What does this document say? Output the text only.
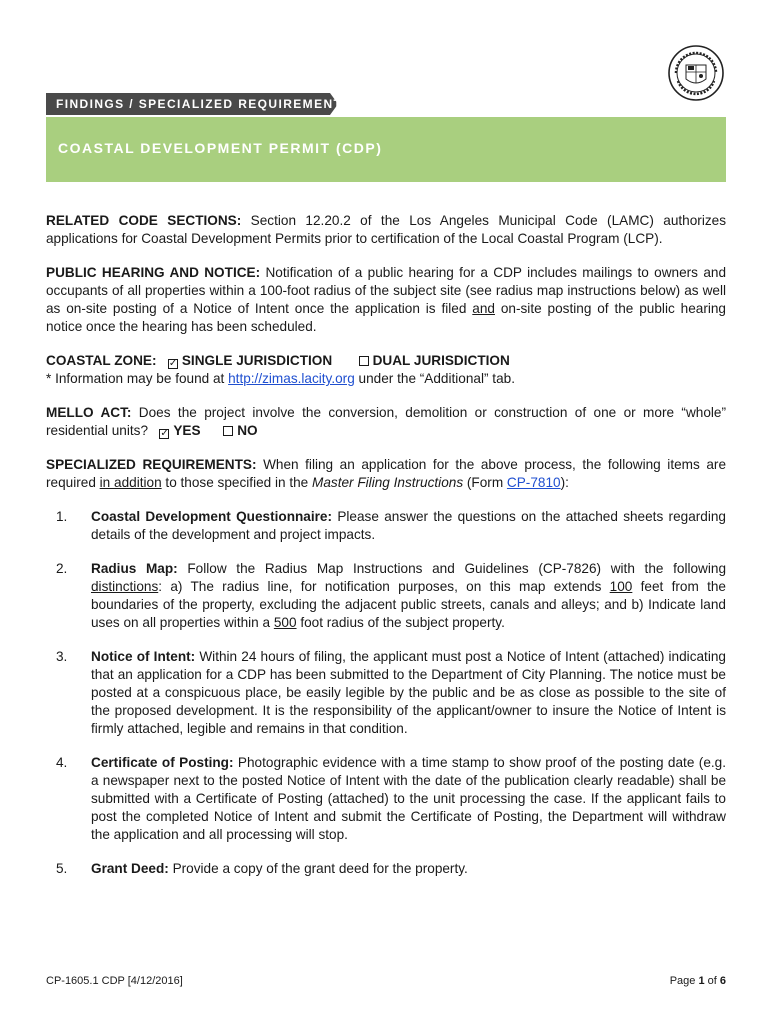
FINDINGS / SPECIALIZED REQUIREMENTS:
COASTAL DEVELOPMENT PERMIT (CDP)

RELATED CODE SECTIONS: Section 12.20.2 of the Los Angeles Municipal Code (LAMC) authorizes applications for Coastal Development Permits prior to certification of the Local Coastal Program (LCP).

PUBLIC HEARING AND NOTICE: Notification of a public hearing for a CDP includes mailings to owners and occupants of all properties within a 100-foot radius of the subject site (see radius map instructions below) as well as on-site posting of a Notice of Intent once the application is filed and on-site posting of the public hearing notice once the hearing has been scheduled.

COASTAL ZONE: ✓ SINGLE JURISDICTION	DUAL JURISDICTION

* Information may be found at http://zimas.lacity.org under the “Additional” tab.

MELLO ACT: Does the project involve the conversion, demolition or construction of one or more “whole” residential units? ✓ YES	NO

SPECIALIZED REQUIREMENTS: When filing an application for the above process, the following items are required in addition to those specified in the Master Filing Instructions (Form CP-7810):

1. Coastal Development Questionnaire: Please answer the questions on the attached sheets regarding details of the development and project impacts.
2. Radius Map: Follow the Radius Map Instructions and Guidelines (CP-7826) with the following distinctions: a) The radius line, for notification purposes, on this map extends 100 feet from the boundaries of the property, excluding the adjacent public streets, canals and alleys; and b) Indicate land uses on all properties within a 500 foot radius of the subject property.
3. Notice of Intent: Within 24 hours of filing, the applicant must post a Notice of Intent (attached) indicating that an application for a CDP has been submitted to the Department of City Planning. The notice must be posted at a conspicuous place, be easily legible by the public and be as close as possible to the site of the proposed development. It is the responsibility of the applicant/owner to insure the Notice of Intent is firmly attached, legible and remains in that condition.
4. Certificate of Posting: Photographic evidence with a time stamp to show proof of the posting date (e.g. a newspaper next to the posted Notice of Intent with the date of the publication clearly readable) shall be submitted with a Certificate of Posting (attached) to the unit processing the case. If the applicant fails to post the completed Notice of Intent and submit the Certificate of Posting, the Department will withdraw the application and all processing will stop.
5. Grant Deed: Provide a copy of the grant deed for the property.
CP-1605.1 CDP [4/12/2016]	Page 1 of 6
